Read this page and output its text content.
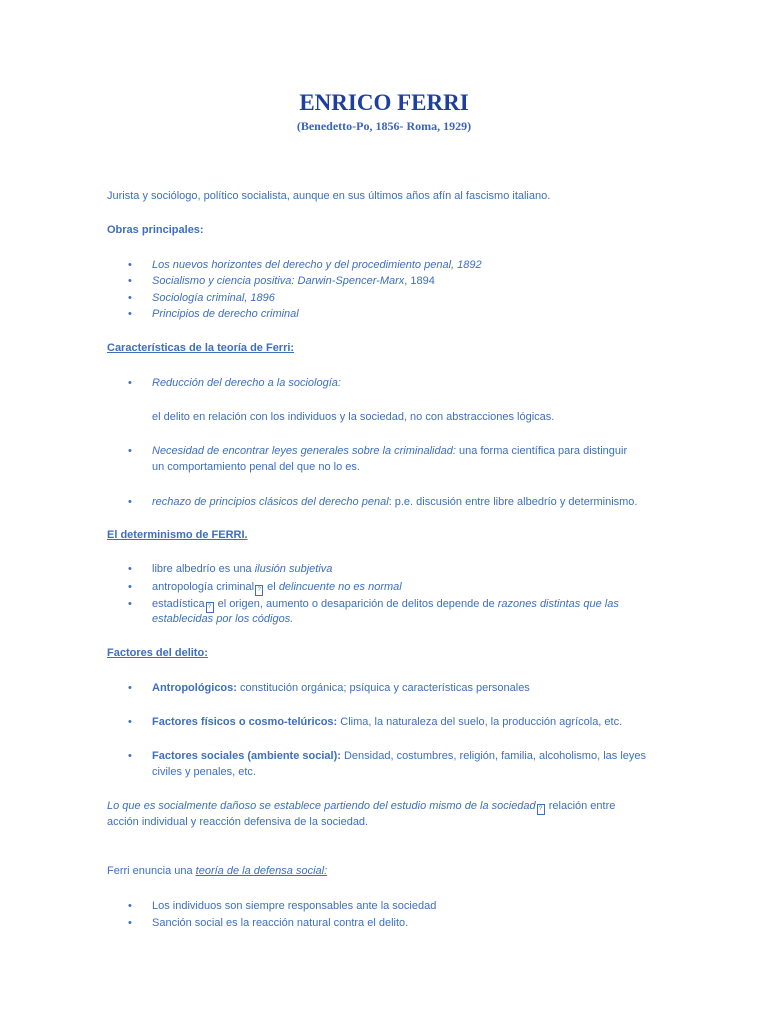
ENRICO FERRI

(Benedetto-Po, 1856- Roma, 1929)

Jurista y sociólogo, político socialista, aunque en sus últimos años afín al fascismo italiano.
Obras principales:
• Los nuevos horizontes del derecho y del procedimiento penal, 1892
• Socialismo y ciencia positiva: Darwin-Spencer-Marx, 1894
• Sociología criminal, 1896
• Principios de derecho criminal
Características de la teoría de Ferri:
• Reducción del derecho a la sociología:
el delito en relación con los individuos y la sociedad, no con abstracciones lógicas.
• Necesidad de encontrar leyes generales sobre la criminalidad: una forma científica para distinguir
un comportamiento penal del que no lo es.
• rechazo de principios clásicos del derecho penal: p.e. discusión entre libre albedrío y determinismo.
El determinismo de FERRI.
• libre albedrío es una ilusión subjetiva
• antropología criminal ? el delincuente no es normal
• estadística ? el origen, aumento o desaparición de delitos depende de razones distintas que las
establecidas por los códigos.
Factores del delito:
• Antropológicos: constitución orgánica; psíquica y características personales
• Factores físicos o cosmo-telúricos: Clima, la naturaleza del suelo, la producción agrícola, etc.
• Factores sociales (ambiente social): Densidad, costumbres, religión, familia, alcoholismo, las leyes
civiles y penales, etc.
Lo que es socialmente dañoso se establece partiendo del estudio mismo de la sociedad ? relación entre
acción individual y reacción defensiva de la sociedad.
Ferri enuncia una teoría de la defensa social:
• Los individuos son siempre responsables ante la sociedad
• Sanción social es la reacción natural contra el delito.
